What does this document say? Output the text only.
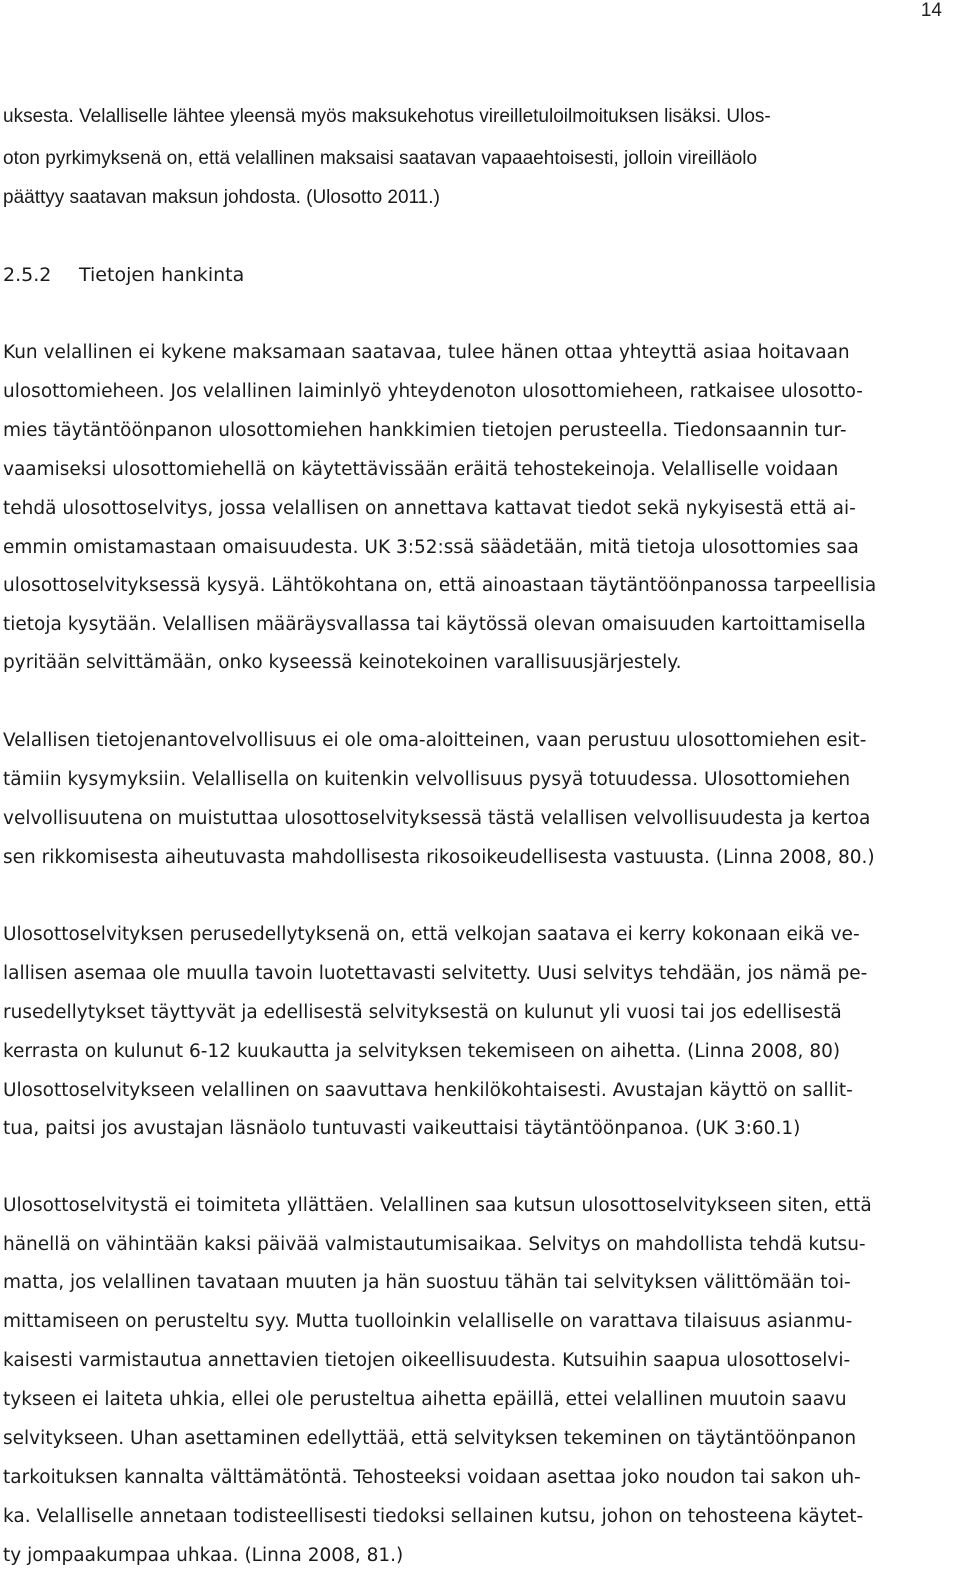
14

uksesta. Velalliselle lähtee yleensä myös maksukehotus vireilletuloilmoituksen lisäksi. Ulos-

oton pyrkimyksenä on, että velallinen maksaisi saatavan vapaaehtoisesti, jolloin vireilläolo

päättyy saatavan maksun johdosta. (Ulosotto 2011.)

2.5.2 Tietojen hankinta

Kun velallinen ei kykene maksamaan saatavaa, tulee hänen ottaa yhteyttä asiaa hoitavaan

ulosottomieheen. Jos velallinen laiminlyö yhteydenoton ulosottomieheen, ratkaisee ulosotto-

mies täytäntöönpanon ulosottomiehen hankkimien tietojen perusteella. Tiedonsaannin tur-

vaamiseksi ulosottomiehellä on käytettävissään eräitä tehostekeinoja. Velalliselle voidaan

tehdä ulosottoselvitys, jossa velallisen on annettava kattavat tiedot sekä nykyisestä että ai-

emmin omistamastaan omaisuudesta. UK 3:52:ssä säädetään, mitä tietoja ulosottomies saa

ulosottoselvityksessä kysyä. Lähtökohtana on, että ainoastaan täytäntöönpanossa tarpeellisia

tietoja kysytään. Velallisen määräysvallassa tai käytössä olevan omaisuuden kartoittamisella

pyritään selvittämään, onko kyseessä keinotekoinen varallisuusjärjestely.

Velallisen tietojenantovelvollisuus ei ole oma-aloitteinen, vaan perustuu ulosottomiehen esit-

tämiin kysymyksiin. Velallisella on kuitenkin velvollisuus pysyä totuudessa. Ulosottomiehen

velvollisuutena on muistuttaa ulosottoselvityksessä tästä velallisen velvollisuudesta ja kertoa

sen rikkomisesta aiheutuvasta mahdollisesta rikosoikeudellisesta vastuusta. (Linna 2008, 80.)

Ulosottoselvityksen perusedellytyksenä on, että velkojan saatava ei kerry kokonaan eikä ve-

lallisen asemaa ole muulla tavoin luotettavasti selvitetty. Uusi selvitys tehdään, jos nämä pe-

rusedellytykset täyttyvät ja edellisestä selvityksestä on kulunut yli vuosi tai jos edellisestä

kerrasta on kulunut 6-12 kuukautta ja selvityksen tekemiseen on aihetta. (Linna 2008, 80)

Ulosottoselvitykseen velallinen on saavuttava henkilökohtaisesti. Avustajan käyttö on sallit-

tua, paitsi jos avustajan läsnäolo tuntuvasti vaikeuttaisi täytäntöönpanoa. (UK 3:60.1)

Ulosottoselvitystä ei toimiteta yllättäen. Velallinen saa kutsun ulosottoselvitykseen siten, että

hänellä on vähintään kaksi päivää valmistautumisaikaa. Selvitys on mahdollista tehdä kutsu-

matta, jos velallinen tavataan muuten ja hän suostuu tähän tai selvityksen välittömään toi-

mittamiseen on perusteltu syy. Mutta tuolloinkin velalliselle on varattava tilaisuus asianmu-

kaisesti varmistautua annettavien tietojen oikeellisuudesta. Kutsuihin saapua ulosottoselvi-

tykseen ei laiteta uhkia, ellei ole perusteltua aihetta epäillä, ettei velallinen muutoin saavu

selvitykseen. Uhan asettaminen edellyttää, että selvityksen tekeminen on täytäntöönpanon

tarkoituksen kannalta välttämätöntä. Tehosteeksi voidaan asettaa joko noudon tai sakon uh-

ka. Velalliselle annetaan todisteellisesti tiedoksi sellainen kutsu, johon on tehosteena käytet-

ty jompaakumpaa uhkaa. (Linna 2008, 81.)
